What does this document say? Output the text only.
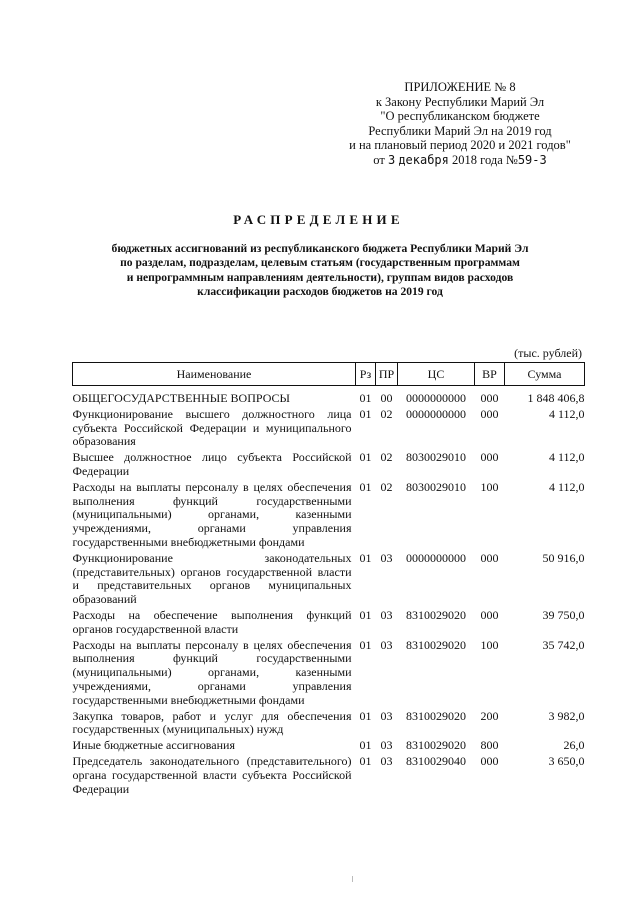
ПРИЛОЖЕНИЕ № 8
к Закону Республики Марий Эл
"О республиканском бюджете
Республики Марий Эл на 2019 год
и на плановый период 2020 и 2021 годов"
от 3 декабря 2018 года №59-З
РАСПРЕДЕЛЕНИЕ
бюджетных ассигнований из республиканского бюджета Республики Марий Эл
по разделам, подразделам, целевым статьям (государственным программам
и непрограммным направлениям деятельности), группам видов расходов
классификации расходов бюджетов на 2019 год
(тыс. рублей)
Наименование	Рз	ПР	ЦС	ВР	Сумма

ОБЩЕГОСУДАРСТВЕННЫЕ ВОПРОСЫ	01	00	0000000000	000	1 848 406,8
Функционирование высшего должностного лица субъекта Российской Федерации и муниципального образования	01	02	0000000000	000	4 112,0
Высшее должностное лицо субъекта Российской Федерации	01	02	8030029010	000	4 112,0
Расходы на выплаты персоналу в целях обеспечения выполнения функций государственными (муниципальными) органами, казенными учреждениями, органами управления государственными внебюджетными фондами	01	02	8030029010	100	4 112,0
Функционирование законодательных (представительных) органов государственной власти и представительных органов муниципальных образований	01	03	0000000000	000	50 916,0
Расходы на обеспечение выполнения функций органов государственной власти	01	03	8310029020	000	39 750,0
Расходы на выплаты персоналу в целях обеспечения выполнения функций государственными (муниципальными) органами, казенными учреждениями, органами управления государственными внебюджетными фондами	01	03	8310029020	100	35 742,0
Закупка товаров, работ и услуг для обеспечения государственных (муниципальных) нужд	01	03	8310029020	200	3 982,0
Иные бюджетные ассигнования	01	03	8310029020	800	26,0
Председатель законодательного (представительного) органа государственной власти субъекта Российской Федерации	01	03	8310029040	000	3 650,0
